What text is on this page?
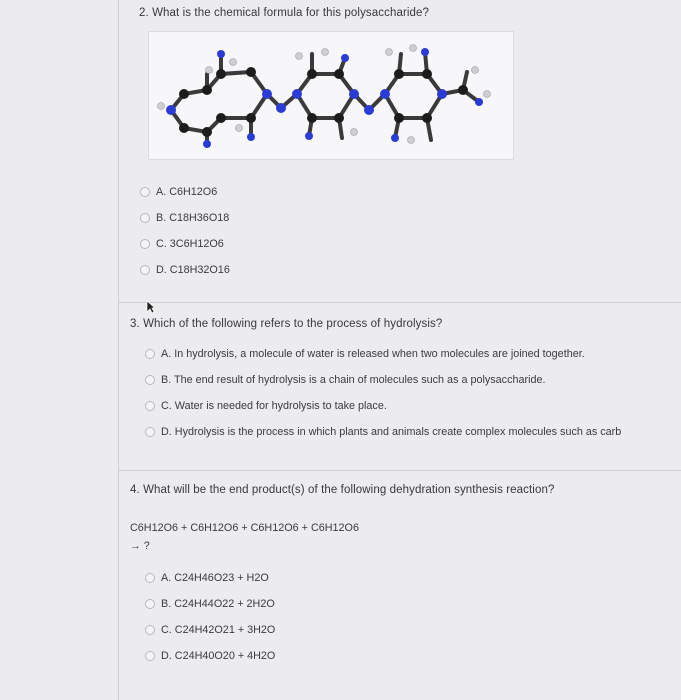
2. What is the chemical formula for this polysaccharide?
A. C6H12O6
B. C18H36O18
C. 3C6H12O6
D. C18H32O16
3. Which of the following refers to the process of hydrolysis?
A. In hydrolysis, a molecule of water is released when two molecules are joined together.
B. The end result of hydrolysis is a chain of molecules such as a polysaccharide.
C. Water is needed for hydrolysis to take place.
D. Hydrolysis is the process in which plants and animals create complex molecules such as carb
4. What will be the end product(s) of the following dehydration synthesis reaction?
C6H12O6 + C6H12O6 + C6H12O6 + C6H12O6
→ ?
A. C24H46O23 + H2O
B. C24H44O22 + 2H2O
C. C24H42O21 + 3H2O
D. C24H40O20 + 4H2O
